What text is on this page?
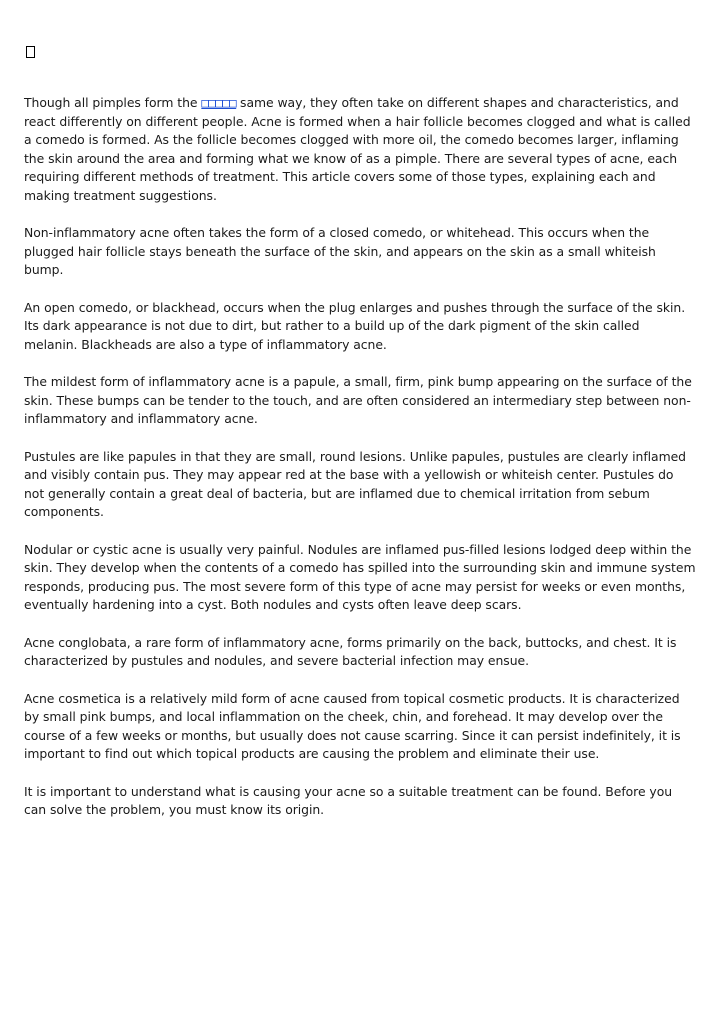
Though all pimples form the □□□□□ same way, they often take on different shapes and characteristics, and react differently on different people. Acne is formed when a hair follicle becomes clogged and what is called a comedo is formed. As the follicle becomes clogged with more oil, the comedo becomes larger, inflaming the skin around the area and forming what we know of as a pimple. There are several types of acne, each requiring different methods of treatment. This article covers some of those types, explaining each and making treatment suggestions.

Non-inflammatory acne often takes the form of a closed comedo, or whitehead. This occurs when the plugged hair follicle stays beneath the surface of the skin, and appears on the skin as a small whiteish bump.

An open comedo, or blackhead, occurs when the plug enlarges and pushes through the surface of the skin. Its dark appearance is not due to dirt, but rather to a build up of the dark pigment of the skin called melanin. Blackheads are also a type of inflammatory acne.

The mildest form of inflammatory acne is a papule, a small, firm, pink bump appearing on the surface of the skin. These bumps can be tender to the touch, and are often considered an intermediary step between non-inflammatory and inflammatory acne.

Pustules are like papules in that they are small, round lesions. Unlike papules, pustules are clearly inflamed and visibly contain pus. They may appear red at the base with a yellowish or whiteish center. Pustules do not generally contain a great deal of bacteria, but are inflamed due to chemical irritation from sebum components.

Nodular or cystic acne is usually very painful. Nodules are inflamed pus-filled lesions lodged deep within the skin. They develop when the contents of a comedo has spilled into the surrounding skin and immune system responds, producing pus. The most severe form of this type of acne may persist for weeks or even months, eventually hardening into a cyst. Both nodules and cysts often leave deep scars.

Acne conglobata, a rare form of inflammatory acne, forms primarily on the back, buttocks, and chest. It is characterized by pustules and nodules, and severe bacterial infection may ensue.

Acne cosmetica is a relatively mild form of acne caused from topical cosmetic products. It is characterized by small pink bumps, and local inflammation on the cheek, chin, and forehead. It may develop over the course of a few weeks or months, but usually does not cause scarring. Since it can persist indefinitely, it is important to find out which topical products are causing the problem and eliminate their use.

It is important to understand what is causing your acne so a suitable treatment can be found. Before you can solve the problem, you must know its origin.
